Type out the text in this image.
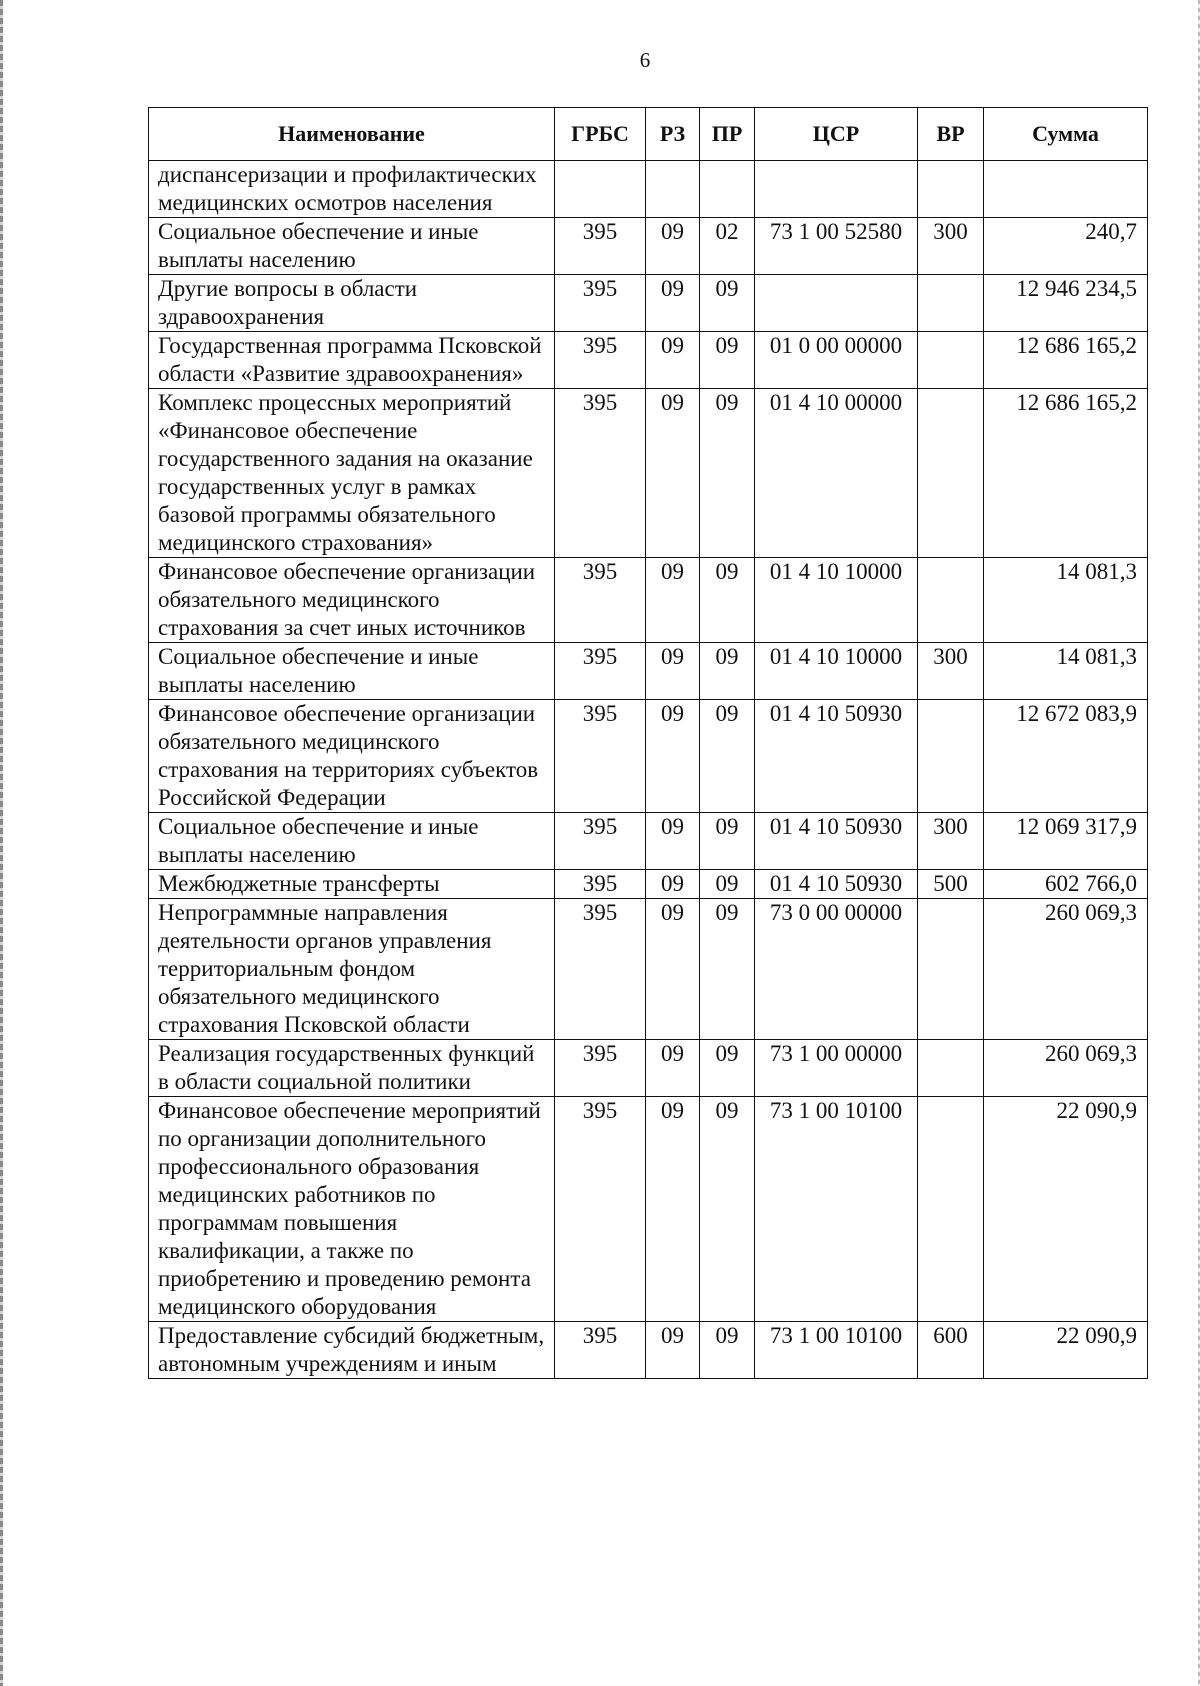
6
Наименование	ГРБС	РЗ	ПР	ЦСР	ВР	Сумма
диспансеризации и профилактических медицинских осмотров населения						
Социальное обеспечение и иные выплаты населению	395	09	02	73 1 00 52580	300	240,7
Другие вопросы в области здравоохранения	395	09	09			12 946 234,5
Государственная программа Псковской области «Развитие здравоохранения»	395	09	09	01 0 00 00000		12 686 165,2
Комплекс процессных мероприятий «Финансовое обеспечение государственного задания на оказание государственных услуг в рамках базовой программы обязательного медицинского страхования»	395	09	09	01 4 10 00000		12 686 165,2
Финансовое обеспечение организации обязательного медицинского страхования за счет иных источников	395	09	09	01 4 10 10000		14 081,3
Социальное обеспечение и иные выплаты населению	395	09	09	01 4 10 10000	300	14 081,3
Финансовое обеспечение организации обязательного медицинского страхования на территориях субъектов Российской Федерации	395	09	09	01 4 10 50930		12 672 083,9
Социальное обеспечение и иные выплаты населению	395	09	09	01 4 10 50930	300	12 069 317,9
Межбюджетные трансферты	395	09	09	01 4 10 50930	500	602 766,0
Непрограммные направления деятельности органов управления территориальным фондом обязательного медицинского страхования Псковской области	395	09	09	73 0 00 00000		260 069,3
Реализация государственных функций в области социальной политики	395	09	09	73 1 00 00000		260 069,3
Финансовое обеспечение мероприятий по организации дополнительного профессионального образования медицинских работников по программам повышения квалификации, а также по приобретению и проведению ремонта медицинского оборудования	395	09	09	73 1 00 10100		22 090,9
Предоставление субсидий бюджетным, автономным учреждениям и иным	395	09	09	73 1 00 10100	600	22 090,9
